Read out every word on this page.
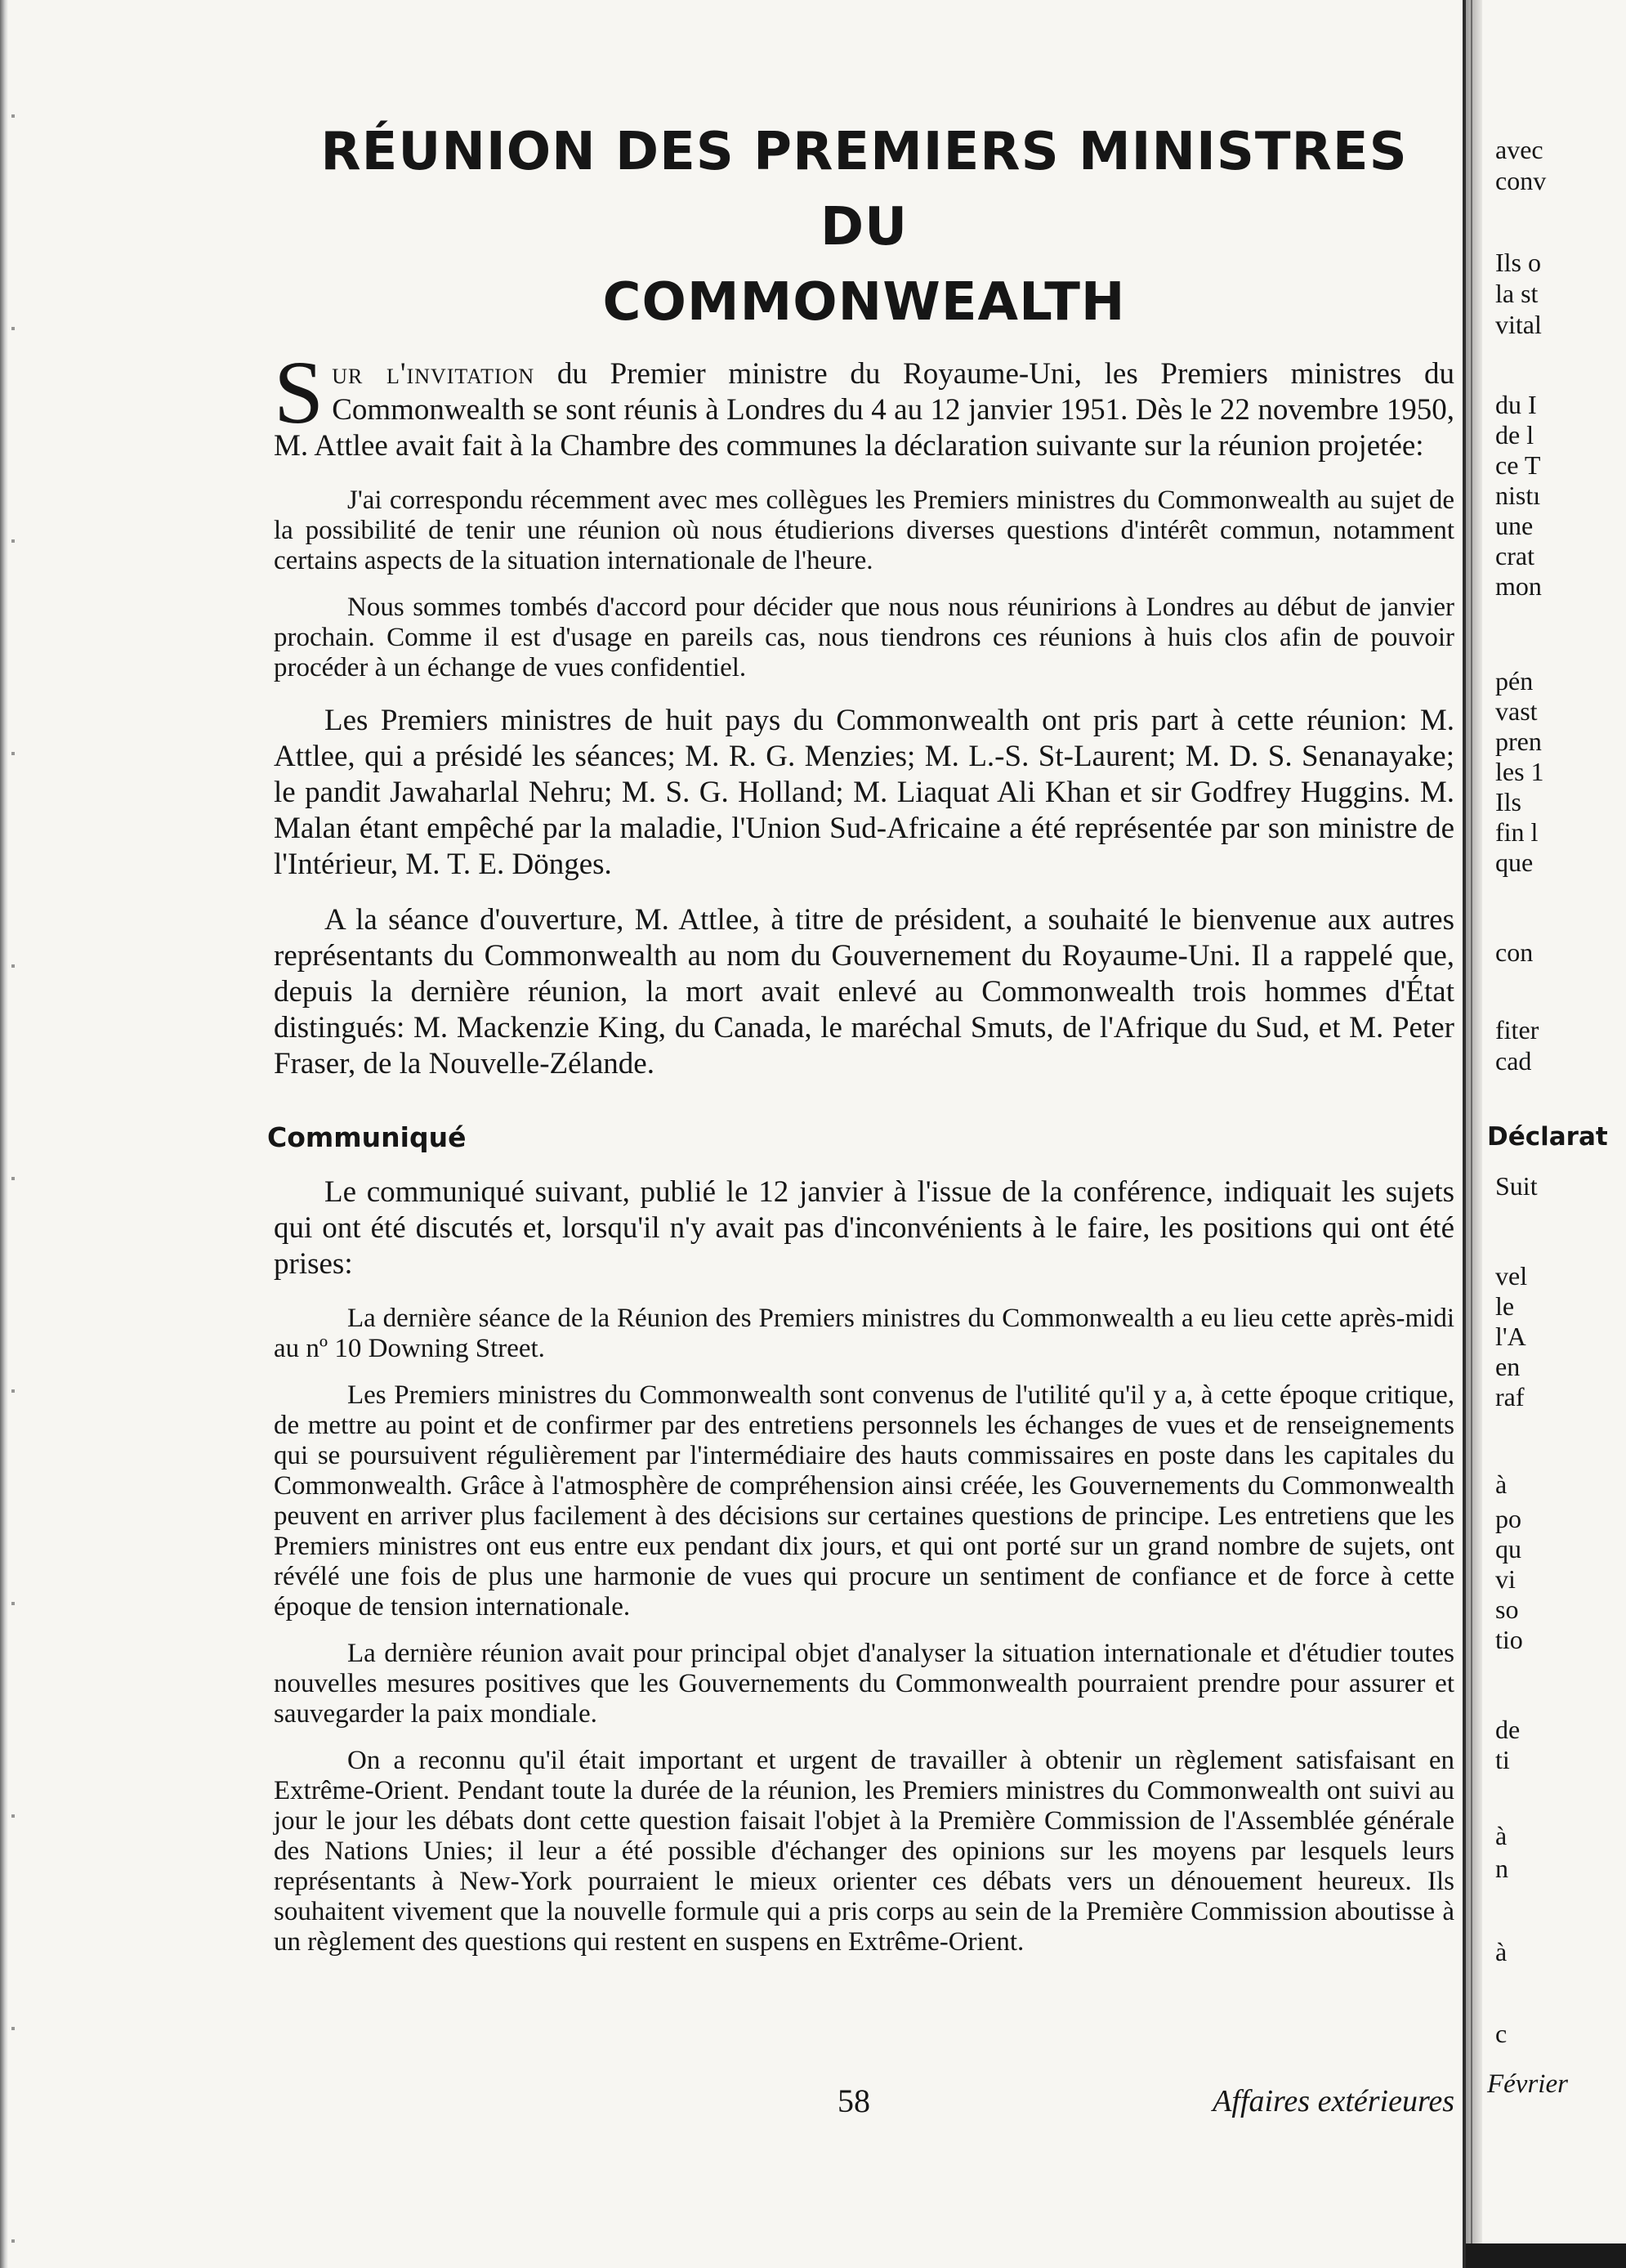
RÉUNION DES PREMIERS MINISTRES DU
COMMONWEALTH

Sur l'invitation du Premier ministre du Royaume-Uni, les Premiers ministres du Commonwealth se sont réunis à Londres du 4 au 12 janvier 1951. Dès le 22 novembre 1950, M. Attlee avait fait à la Chambre des communes la déclaration suivante sur la réunion projetée:

J'ai correspondu récemment avec mes collègues les Premiers ministres du Commonwealth au sujet de la possibilité de tenir une réunion où nous étudierions diverses questions d'intérêt commun, notamment certains aspects de la situation internationale de l'heure.

Nous sommes tombés d'accord pour décider que nous nous réunirions à Londres au début de janvier prochain. Comme il est d'usage en pareils cas, nous tiendrons ces réunions à huis clos afin de pouvoir procéder à un échange de vues confidentiel.

Les Premiers ministres de huit pays du Commonwealth ont pris part à cette réunion: M. Attlee, qui a présidé les séances; M. R. G. Menzies; M. L.-S. St-Laurent; M. D. S. Senanayake; le pandit Jawaharlal Nehru; M. S. G. Holland; M. Liaquat Ali Khan et sir Godfrey Huggins. M. Malan étant empêché par la maladie, l'Union Sud-Africaine a été représentée par son ministre de l'Intérieur, M. T. E. Dönges.

A la séance d'ouverture, M. Attlee, à titre de président, a souhaité le bienvenue aux autres représentants du Commonwealth au nom du Gouvernement du Royaume-Uni. Il a rappelé que, depuis la dernière réunion, la mort avait enlevé au Commonwealth trois hommes d'État distingués: M. Mackenzie King, du Canada, le maréchal Smuts, de l'Afrique du Sud, et M. Peter Fraser, de la Nouvelle-Zélande.

Communiqué

Le communiqué suivant, publié le 12 janvier à l'issue de la conférence, indiquait les sujets qui ont été discutés et, lorsqu'il n'y avait pas d'inconvénients à le faire, les positions qui ont été prises:

La dernière séance de la Réunion des Premiers ministres du Commonwealth a eu lieu cette après-midi au nº 10 Downing Street.

Les Premiers ministres du Commonwealth sont convenus de l'utilité qu'il y a, à cette époque critique, de mettre au point et de confirmer par des entretiens personnels les échanges de vues et de renseignements qui se poursuivent régulièrement par l'intermédiaire des hauts commissaires en poste dans les capitales du Commonwealth. Grâce à l'atmosphère de compréhension ainsi créée, les Gouvernements du Commonwealth peuvent en arriver plus facilement à des décisions sur certaines questions de principe. Les entretiens que les Premiers ministres ont eus entre eux pendant dix jours, et qui ont porté sur un grand nombre de sujets, ont révélé une fois de plus une harmonie de vues qui procure un sentiment de confiance et de force à cette époque de tension internationale.

La dernière réunion avait pour principal objet d'analyser la situation internationale et d'étudier toutes nouvelles mesures positives que les Gouvernements du Commonwealth pourraient prendre pour assurer et sauvegarder la paix mondiale.

On a reconnu qu'il était important et urgent de travailler à obtenir un règlement satisfaisant en Extrême-Orient. Pendant toute la durée de la réunion, les Premiers ministres du Commonwealth ont suivi au jour le jour les débats dont cette question faisait l'objet à la Première Commission de l'Assemblée générale des Nations Unies; il leur a été possible d'échanger des opinions sur les moyens par lesquels leurs représentants à New-York pourraient le mieux orienter ces débats vers un dénouement heureux. Ils souhaitent vivement que la nouvelle formule qui a pris corps au sein de la Première Commission aboutisse à un règlement des questions qui restent en suspens en Extrême-Orient.

58	Affaires extérieures
avec
conv
Ils o
la st
vital
du I
de l
ce T
nistı
une
crat
mon
pén
vast
pren
les 1
Ils
fin l
que
con
fiter
cad
Déclarat
Suit
vel
le
l'A
en
raf
à
po
qu
vi
so
tio
de
ti
à
n
à
c
Février
